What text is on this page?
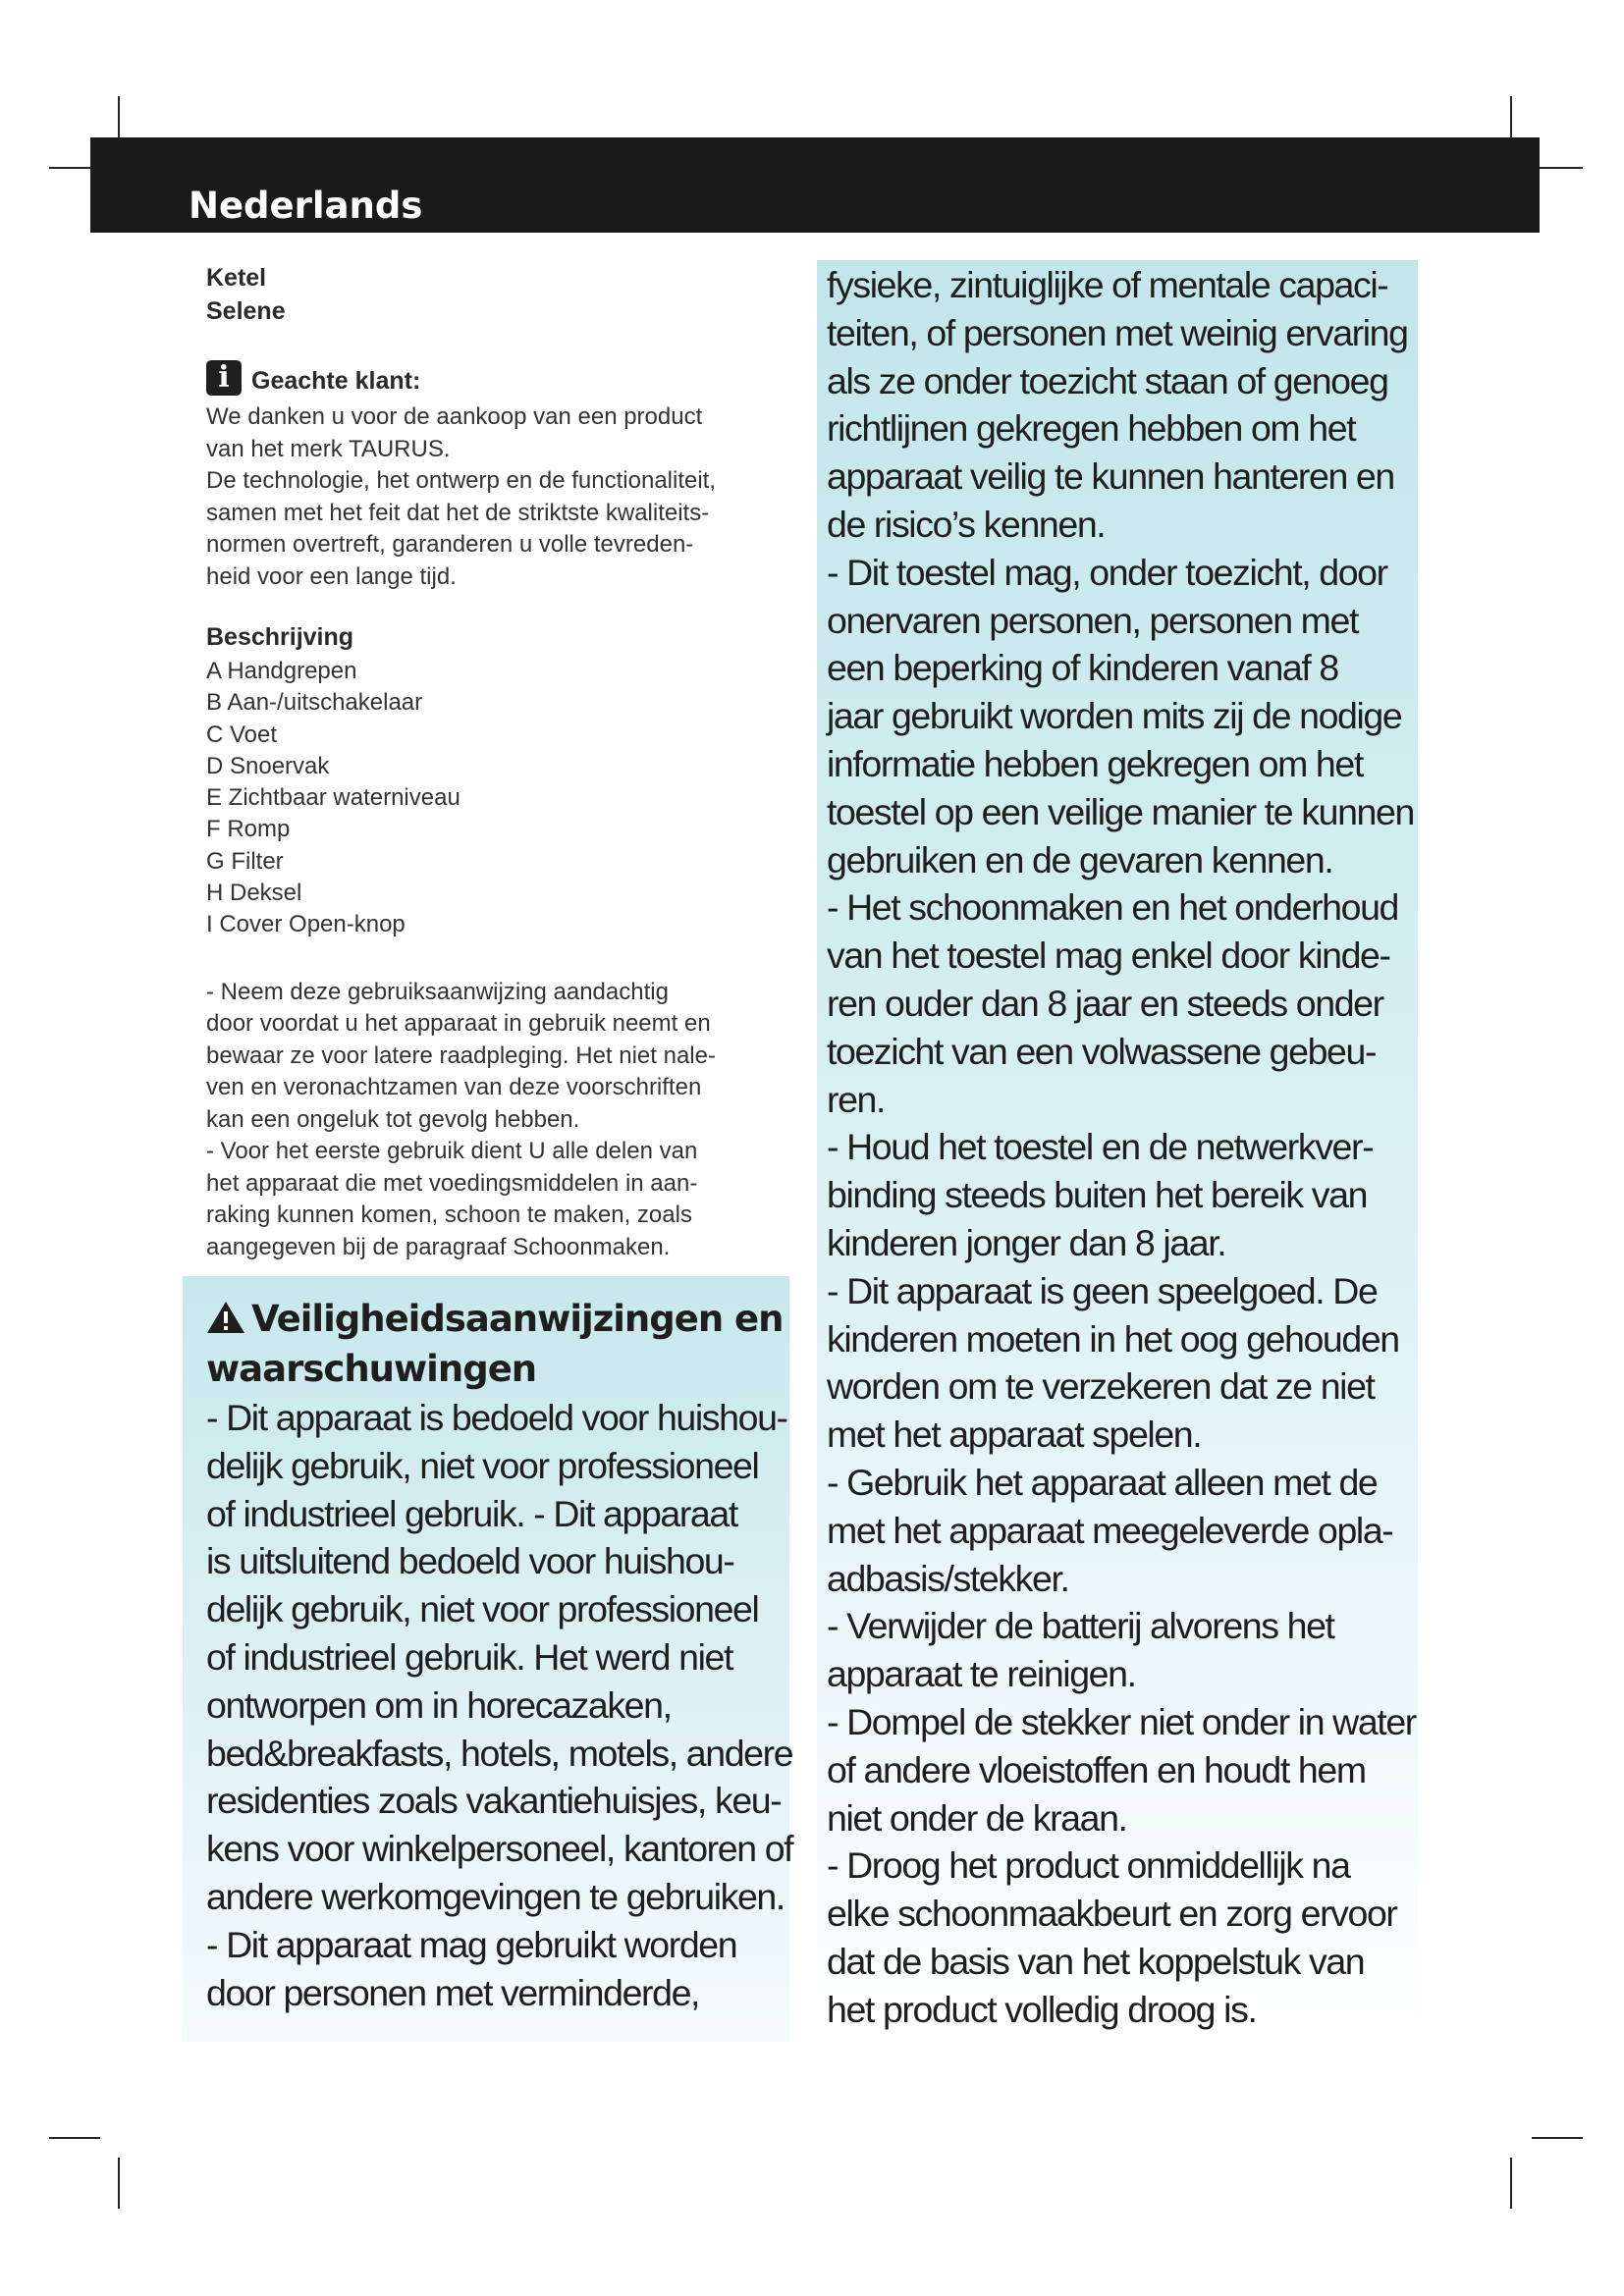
Nederlands

Ketel

Selene

i Geachte klant:
We danken u voor de aankoop van een product
van het merk TAURUS.
De technologie, het ontwerp en de functionaliteit,
samen met het feit dat het de striktste kwaliteits-
normen overtreft, garanderen u volle tevreden-
heid voor een lange tijd.

Beschrijving

A Handgrepen
B Aan-/uitschakelaar
C Voet
D Snoervak
E Zichtbaar waterniveau
F Romp
G Filter
H Deksel
I Cover Open-knop
- Neem deze gebruiksaanwijzing aandachtig
door voordat u het apparaat in gebruik neemt en
bewaar ze voor latere raadpleging. Het niet nale-
ven en veronachtzamen van deze voorschriften
kan een ongeluk tot gevolg hebben.
- Voor het eerste gebruik dient U alle delen van
het apparaat die met voedingsmiddelen in aan-
raking kunnen komen, schoon te maken, zoals
aangegeven bij de paragraaf Schoonmaken.

Veiligheidsaanwijzingen en

waarschuwingen

- Dit apparaat is bedoeld voor huishou-

delijk gebruik, niet voor professioneel

of industrieel gebruik. - Dit apparaat

is uitsluitend bedoeld voor huishou-

delijk gebruik, niet voor professioneel

of industrieel gebruik. Het werd niet

ontworpen om in horecazaken,

bed&breakfasts, hotels, motels, andere

residenties zoals vakantiehuisjes, keu-

kens voor winkelpersoneel, kantoren of

andere werkomgevingen te gebruiken.

- Dit apparaat mag gebruikt worden

door personen met verminderde,

fysieke, zintuiglijke of mentale capaci-

teiten, of personen met weinig ervaring

als ze onder toezicht staan of genoeg

richtlijnen gekregen hebben om het

apparaat veilig te kunnen hanteren en

de risico’s kennen.

- Dit toestel mag, onder toezicht, door

onervaren personen, personen met

een beperking of kinderen vanaf 8

jaar gebruikt worden mits zij de nodige

informatie hebben gekregen om het

toestel op een veilige manier te kunnen

gebruiken en de gevaren kennen.

- Het schoonmaken en het onderhoud

van het toestel mag enkel door kinde-

ren ouder dan 8 jaar en steeds onder

toezicht van een volwassene gebeu-

ren.

- Houd het toestel en de netwerkver-

binding steeds buiten het bereik van

kinderen jonger dan 8 jaar.

- Dit apparaat is geen speelgoed. De

kinderen moeten in het oog gehouden

worden om te verzekeren dat ze niet

met het apparaat spelen.

- Gebruik het apparaat alleen met de

met het apparaat meegeleverde opla-

adbasis/stekker.

- Verwijder de batterij alvorens het

apparaat te reinigen.

- Dompel de stekker niet onder in water

of andere vloeistoffen en houdt hem

niet onder de kraan.

- Droog het product onmiddellijk na

elke schoonmaakbeurt en zorg ervoor

dat de basis van het koppelstuk van

het product volledig droog is.
